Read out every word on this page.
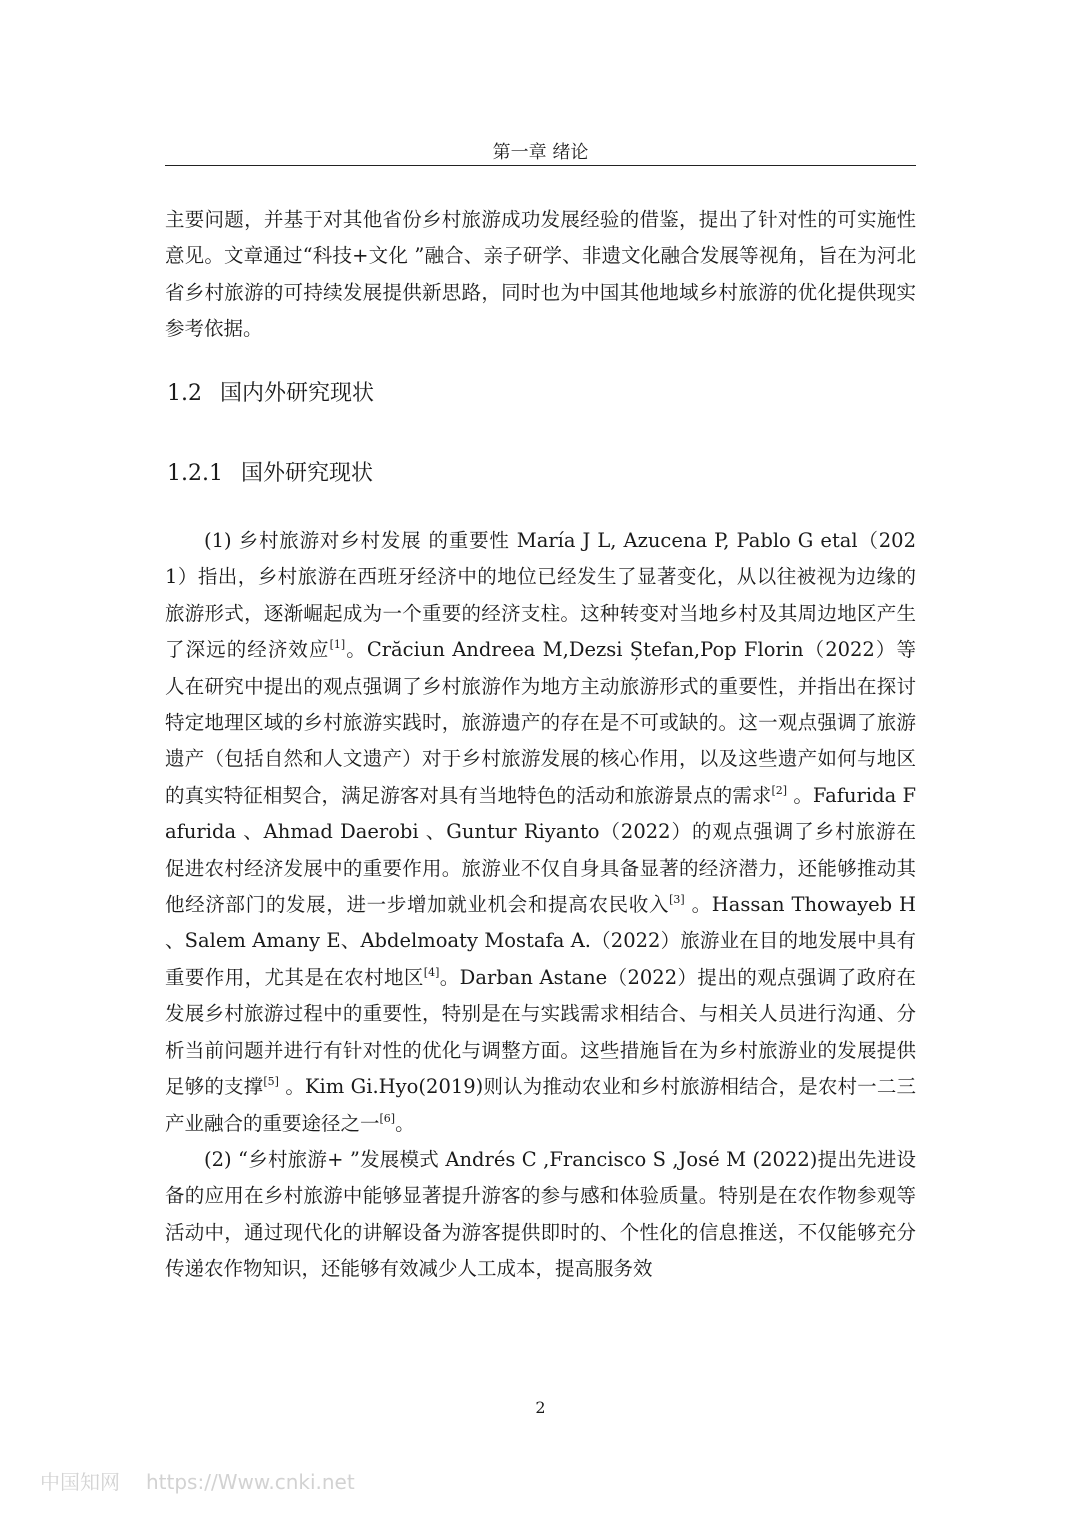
第一章 绪论

主要问题，并基于对其他省份乡村旅游成功发展经验的借鉴，提出了针对性的可实施性意见。文章通过“科技+文化 ”融合、亲子研学、非遗文化融合发展等视角，旨在为河北省乡村旅游的可持续发展提供新思路，同时也为中国其他地域乡村旅游的优化提供现实参考依据。

1.2 国内外研究现状
1.2.1 国外研究现状

(1) 乡村旅游对乡村发展 的重要性 María J L, Azucena P, Pablo G etal（2021）指出，乡村旅游在西班牙经济中的地位已经发生了显著变化，从以往被视为边缘的旅游形式，逐渐崛起成为一个重要的经济支柱。这种转变对当地乡村及其周边地区产生了深远的经济效应[1]。Crăciun Andreea M,Dezsi Ștefan,Pop Florin（2022）等人在研究中提出的观点强调了乡村旅游作为地方主动旅游形式的重要性，并指出在探讨特定地理区域的乡村旅游实践时，旅游遗产的存在是不可或缺的。这一观点强调了旅游遗产（包括自然和人文遗产）对于乡村旅游发展的核心作用，以及这些遗产如何与地区的真实特征相契合，满足游客对具有当地特色的活动和旅游景点的需求[2] 。Fafurida Fafurida 、Ahmad Daerobi 、Guntur Riyanto（2022）的观点强调了乡村旅游在促进农村经济发展中的重要作用。旅游业不仅自身具备显著的经济潜力，还能够推动其他经济部门的发展，进一步增加就业机会和提高农民收入[3] 。Hassan Thowayeb H 、Salem Amany E、Abdelmoaty Mostafa A.（2022）旅游业在目的地发展中具有重要作用，尤其是在农村地区[4]。Darban Astane（2022）提出的观点强调了政府在发展乡村旅游过程中的重要性，特别是在与实践需求相结合、与相关人员进行沟通、分析当前问题并进行有针对性的优化与调整方面。这些措施旨在为乡村旅游业的发展提供足够的支撑[5] 。Kim Gi.Hyo(2019)则认为推动农业和乡村旅游相结合，是农村一二三产业融合的重要途径之一[6]。

(2) “乡村旅游+ ”发展模式 Andrés C ,Francisco S ,José M (2022)提出先进设备的应用在乡村旅游中能够显著提升游客的参与感和体验质量。特别是在农作物参观等活动中，通过现代化的讲解设备为游客提供即时的、个性化的信息推送，不仅能够充分传递农作物知识，还能够有效减少人工成本，提高服务效

2
中国知网 https://Www.cnki.net
